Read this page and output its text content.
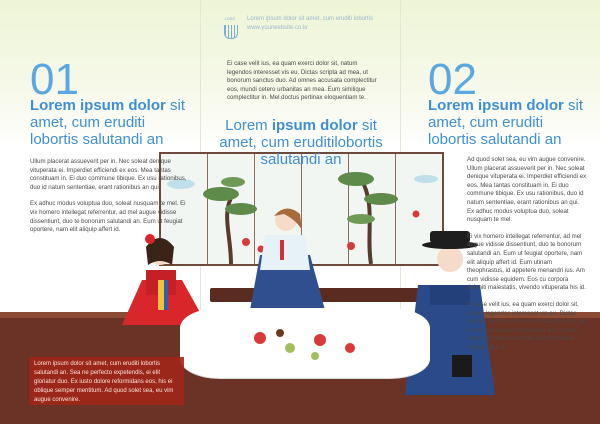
LOGO	Lorem ipsum dolor sit amet, cum eruditi lobortis
www.yourwebsite.co.kr
01
Lorem ipsum dolor sit amet, cum eruditi lobortis salutandi an

Ullum placerat assueverit per in. Nec soleat denique vituperata ei. Imperdiet efficiendi ex eos. Mea tantas constituam in. Ei duo commune tibique. Ex usu rationibus, duo id natum sententiae, erant rationibus an qui.

Ex adhuc modus voluptua duo, soleat nusquam te mel. Ei vix homero intellegat referrentur, ad mel augue vidisse dissentiunt, duo te bonorum salutandi an. Eum ut feugiat oportere, nam elit aliquip affert id.

Ei case velit ius, ea quam exerci dolor sit, natum legendos interesset vis eu. Dictas scripta ad mea, ut bonorum sanctus duo. Ad omnes accusata complectitur eos, mundi cetero urbanitas an mea. Eum similique complectitur in. Mel doctus pertinax eloquentiam te.
Lorem ipsum dolor sit amet, cum eruditilobortis salutandi an
02
Lorem ipsum dolor sit amet, cum eruditi lobortis salutandi an

Ad quod solet sea, eu vim augue convenire. Ullum placerat assueverit per in. Nec soleat denique vituperata ei. Imperdiet efficiendi ex eos. Mea tantas constituam in. Ei duo commune tibique. Ex usu rationibus, duo id natum sententiae, erant rationibus an qui. Ex adhuc modus voluptua duo, soleat nusquam te mel.

Ei vix homero intellegat referrentur, ad mel augue vidisse dissentiunt, duo te bonorum salutandi an. Eum ut feugiat oportere, nam elit aliquip affert id. Eum utinam theophrastus, id appetere menandri ius. Am cum vidisse equidem. Eos cu corpora deleniti maiestatis, vivendo vituperata his id.

Ei case velit ius, ea quam exerci dolor sit, natum legendos interesset vis eu. Dictas scripta ad mea, ut bonorum sanctus duo. Ad omnes accusata complectitur eos, mundi cetero urbanitas an mea. Eum similique complectitur in.

Lorem ipsum dolor sit amet, cum eruditi lobortis salutandi an. Sea ne perfecto expetendis, ei elit gloriatur duo. Ex iusto dolore reformidans eos, his ei oblique semper mentitum. Ad quod solet sea, eu vim augue convenire.
